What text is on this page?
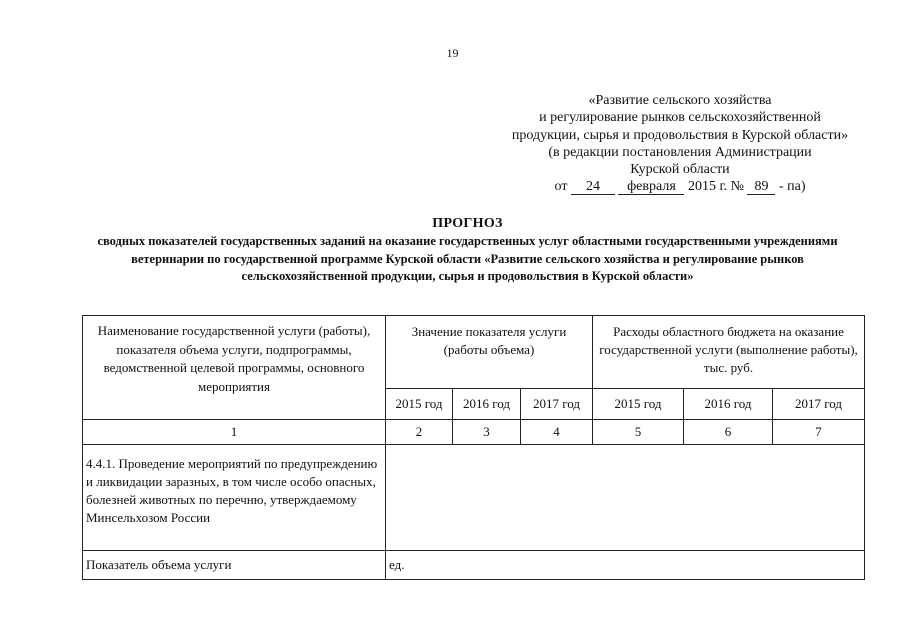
19
«Развитие сельского хозяйства
и регулирование рынков сельскохозяйственной
продукции, сырья и продовольствия в Курской области»
(в редакции постановления Администрации
Курской области
от 24 февраля 2015 г. № 89 - па)
ПРОГНОЗ
сводных показателей государственных заданий на оказание государственных услуг областными государственными учреждениями ветеринарии по государственной программе Курской области «Развитие сельского хозяйства и регулирование рынков сельскохозяйственной продукции, сырья и продовольствия в Курской области»
Наименование государственной услуги (работы), показателя объема услуги, подпрограммы, ведомственной целевой программы, основного мероприятия	Значение показателя услуги (работы объема)			Расходы областного бюджета на оказание государственной услуги (выполнение работы), тыс. руб.		
	2015 год	2016 год	2017 год	2015 год	2016 год	2017 год
1	2	3	4	5	6	7
4.4.1. Проведение мероприятий по предупреждению и ликвидации заразных, в том числе особо опасных, болезней животных по перечню, утверждаемому Минсельхозом России						
Показатель объема услуги	ед.					
